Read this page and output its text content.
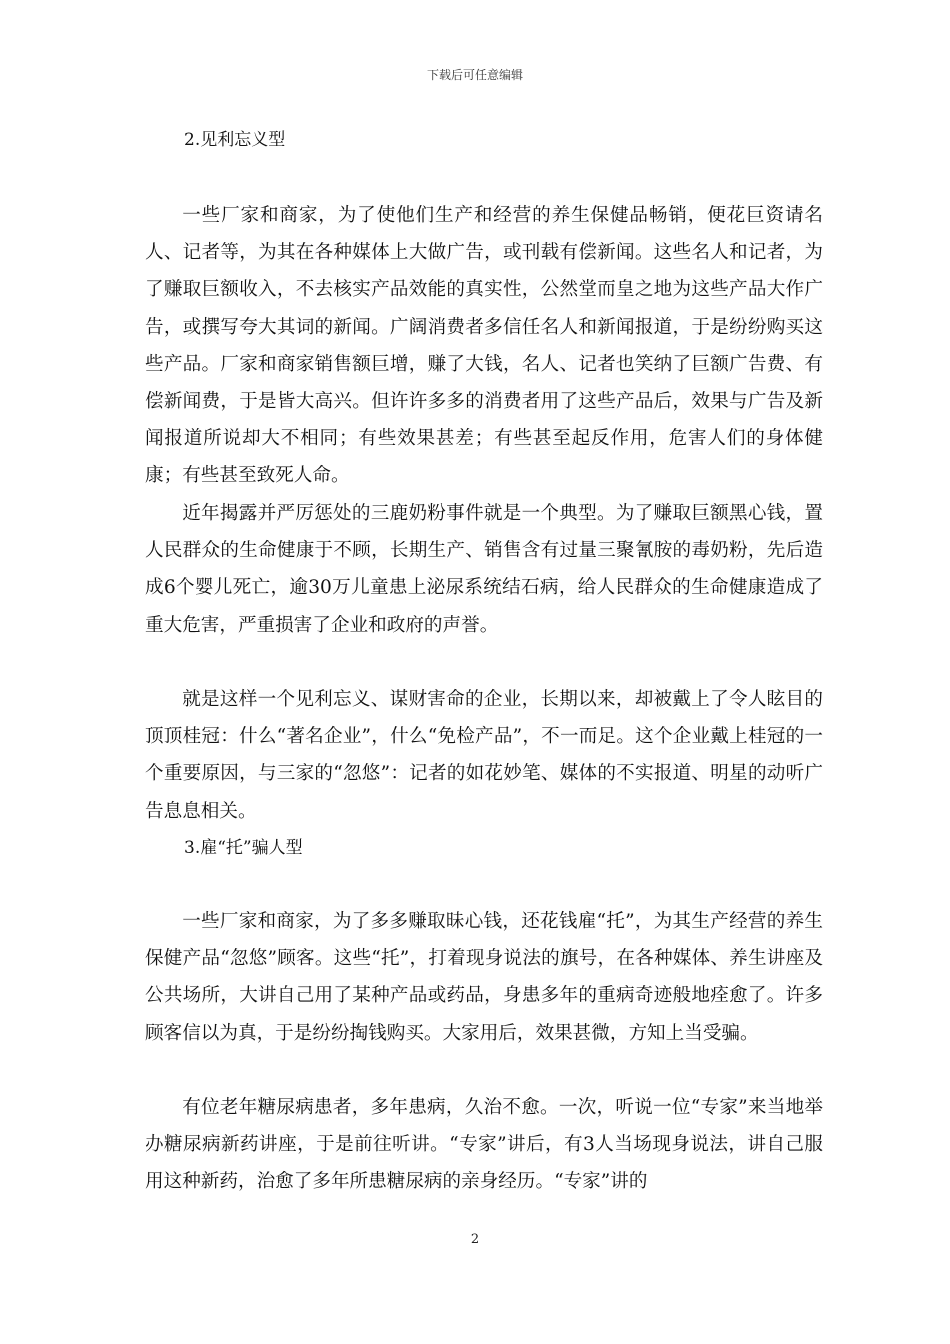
下载后可任意编辑
2.见利忘义型

一些厂家和商家，为了使他们生产和经营的养生保健品畅销，便花巨资请名人、记者等，为其在各种媒体上大做广告，或刊载有偿新闻。这些名人和记者，为了赚取巨额收入，不去核实产品效能的真实性，公然堂而皇之地为这些产品大作广告，或撰写夸大其词的新闻。广阔消费者多信任名人和新闻报道，于是纷纷购买这些产品。厂家和商家销售额巨增，赚了大钱，名人、记者也笑纳了巨额广告费、有偿新闻费，于是皆大高兴。但许许多多的消费者用了这些产品后，效果与广告及新闻报道所说却大不相同；有些效果甚差；有些甚至起反作用，危害人们的身体健康；有些甚至致死人命。

近年揭露并严厉惩处的三鹿奶粉事件就是一个典型。为了赚取巨额黑心钱，置人民群众的生命健康于不顾，长期生产、销售含有过量三聚氰胺的毒奶粉，先后造成6个婴儿死亡，逾30万儿童患上泌尿系统结石病，给人民群众的生命健康造成了重大危害，严重损害了企业和政府的声誉。

就是这样一个见利忘义、谋财害命的企业，长期以来，却被戴上了令人眩目的顶顶桂冠：什么“著名企业”，什么“免检产品”，不一而足。这个企业戴上桂冠的一个重要原因，与三家的“忽悠”：记者的如花妙笔、媒体的不实报道、明星的动听广告息息相关。

3.雇“托”骗人型

一些厂家和商家，为了多多赚取昧心钱，还花钱雇“托”，为其生产经营的养生保健产品“忽悠”顾客。这些“托”，打着现身说法的旗号，在各种媒体、养生讲座及公共场所，大讲自己用了某种产品或药品，身患多年的重病奇迹般地痊愈了。许多顾客信以为真，于是纷纷掏钱购买。大家用后，效果甚微，方知上当受骗。

有位老年糖尿病患者，多年患病，久治不愈。一次，听说一位“专家”来当地举办糖尿病新药讲座，于是前往听讲。“专家”讲后，有3人当场现身说法，讲自己服用这种新药，治愈了多年所患糖尿病的亲身经历。“专家”讲的

2
